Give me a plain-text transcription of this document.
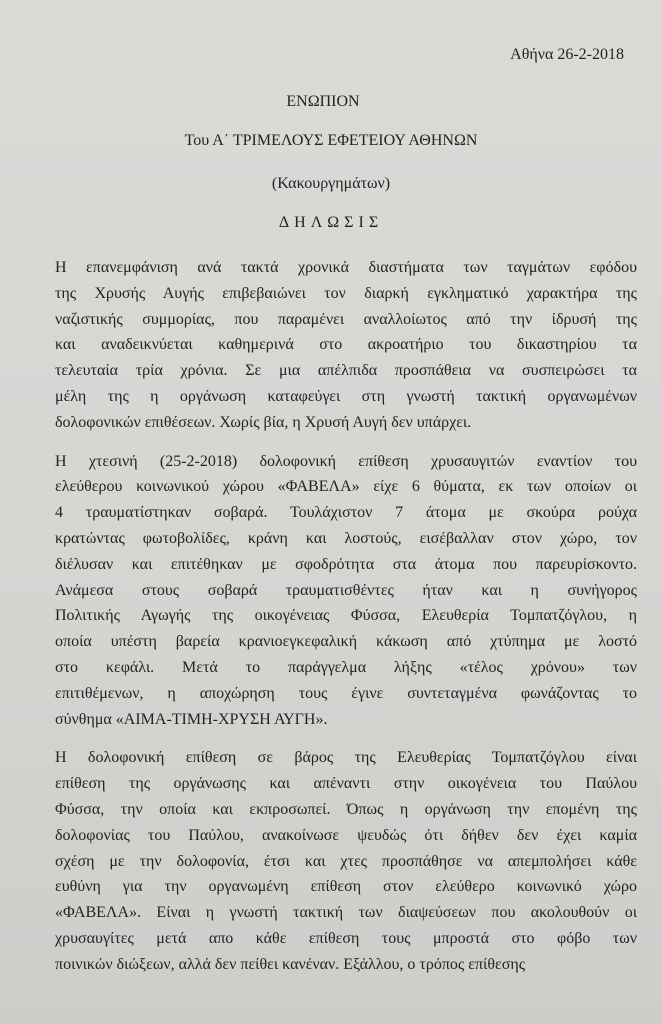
Αθήνα 26-2-2018
ΕΝΩΠΙΟΝ
Του Α΄ ΤΡΙΜΕΛΟΥΣ ΕΦΕΤΕΙΟΥ ΑΘΗΝΩΝ
(Κακουργημάτων)
ΔΗΛΩΣΙΣ
Η επανεμφάνιση ανά τακτά χρονικά διαστήματα των ταγμάτων εφόδου
της Χρυσής Αυγής επιβεβαιώνει τον διαρκή εγκληματικό χαρακτήρα της
ναζιστικής συμμορίας, που παραμένει αναλλοίωτος από την ίδρυσή της
και αναδεικνύεται καθημερινά στο ακροατήριο του δικαστηρίου τα
τελευταία τρία χρόνια. Σε μια απέλπιδα προσπάθεια να συσπειρώσει τα
μέλη της η οργάνωση καταφεύγει στη γνωστή τακτική οργανωμένων
δολοφονικών επιθέσεων. Χωρίς βία, η Χρυσή Αυγή δεν υπάρχει.
Η χτεσινή (25-2-2018) δολοφονική επίθεση χρυσαυγιτών εναντίον του
ελεύθερου κοινωνικού χώρου «ΦΑΒΕΛΑ» είχε 6 θύματα, εκ των οποίων οι
4 τραυματίστηκαν σοβαρά. Τουλάχιστον 7 άτομα με σκούρα ρούχα
κρατώντας φωτοβολίδες, κράνη και λοστούς, εισέβαλλαν στον χώρο, τον
διέλυσαν και επιτέθηκαν με σφοδρότητα στα άτομα που παρευρίσκοντο.
Ανάμεσα στους σοβαρά τραυματισθέντες ήταν και η συνήγορος
Πολιτικής Αγωγής της οικογένειας Φύσσα, Ελευθερία Τομπατζόγλου, η
οποία υπέστη βαρεία κρανιοεγκεφαλική κάκωση από χτύπημα με λοστό
στο κεφάλι. Μετά το παράγγελμα λήξης «τέλος χρόνου» των
επιτιθέμενων, η αποχώρηση τους έγινε συντεταγμένα φωνάζοντας το
σύνθημα «ΑΙΜΑ-ΤΙΜΗ-ΧΡΥΣΗ ΑΥΓΗ».
Η δολοφονική επίθεση σε βάρος της Ελευθερίας Τομπατζόγλου είναι
επίθεση της οργάνωσης και απέναντι στην οικογένεια του Παύλου
Φύσσα, την οποία και εκπροσωπεί. Όπως η οργάνωση την επομένη της
δολοφονίας του Παύλου, ανακοίνωσε ψευδώς ότι δήθεν δεν έχει καμία
σχέση με την δολοφονία, έτσι και χτες προσπάθησε να απεμπολήσει κάθε
ευθύνη για την οργανωμένη επίθεση στον ελεύθερο κοινωνικό χώρο
«ΦΑΒΕΛΑ». Είναι η γνωστή τακτική των διαψεύσεων που ακολουθούν οι
χρυσαυγίτες μετά απο κάθε επίθεση τους μπροστά στο φόβο των
ποινικών διώξεων, αλλά δεν πείθει κανέναν. Εξάλλου, ο τρόπος επίθεσης
